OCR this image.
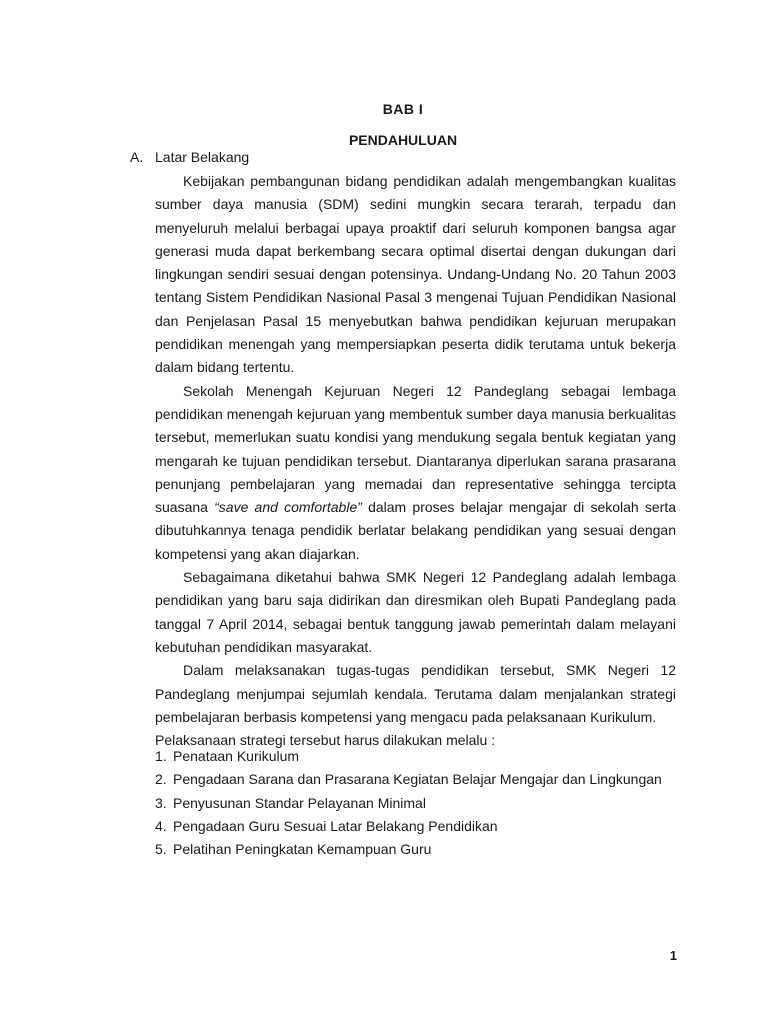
BAB I
PENDAHULUAN
A. Latar Belakang

Kebijakan pembangunan bidang pendidikan adalah mengembangkan kualitas sumber daya manusia (SDM) sedini mungkin secara terarah, terpadu dan menyeluruh melalui berbagai upaya proaktif dari seluruh komponen bangsa agar generasi muda dapat berkembang secara optimal disertai dengan dukungan dari lingkungan sendiri sesuai dengan potensinya. Undang-Undang No. 20 Tahun 2003 tentang Sistem Pendidikan Nasional Pasal 3 mengenai Tujuan Pendidikan Nasional dan Penjelasan Pasal 15 menyebutkan bahwa pendidikan kejuruan merupakan pendidikan menengah yang mempersiapkan peserta didik terutama untuk bekerja dalam bidang tertentu.

Sekolah Menengah Kejuruan Negeri 12 Pandeglang sebagai lembaga pendidikan menengah kejuruan yang membentuk sumber daya manusia berkualitas tersebut, memerlukan suatu kondisi yang mendukung segala bentuk kegiatan yang mengarah ke tujuan pendidikan tersebut. Diantaranya diperlukan sarana prasarana penunjang pembelajaran yang memadai dan representative sehingga tercipta suasana “save and comfortable” dalam proses belajar mengajar di sekolah serta dibutuhkannya tenaga pendidik berlatar belakang pendidikan yang sesuai dengan kompetensi yang akan diajarkan.

Sebagaimana diketahui bahwa SMK Negeri 12 Pandeglang adalah lembaga pendidikan yang baru saja didirikan dan diresmikan oleh Bupati Pandeglang pada tanggal 7 April 2014, sebagai bentuk tanggung jawab pemerintah dalam melayani kebutuhan pendidikan masyarakat.

Dalam melaksanakan tugas-tugas pendidikan tersebut, SMK Negeri 12 Pandeglang menjumpai sejumlah kendala. Terutama dalam menjalankan strategi pembelajaran berbasis kompetensi yang mengacu pada pelaksanaan Kurikulum.

Pelaksanaan strategi tersebut harus dilakukan melalu :

1. Penataan Kurikulum
2. Pengadaan Sarana dan Prasarana Kegiatan Belajar Mengajar dan Lingkungan
3. Penyusunan Standar Pelayanan Minimal
4. Pengadaan Guru Sesuai Latar Belakang Pendidikan
5. Pelatihan Peningkatan Kemampuan Guru
1
